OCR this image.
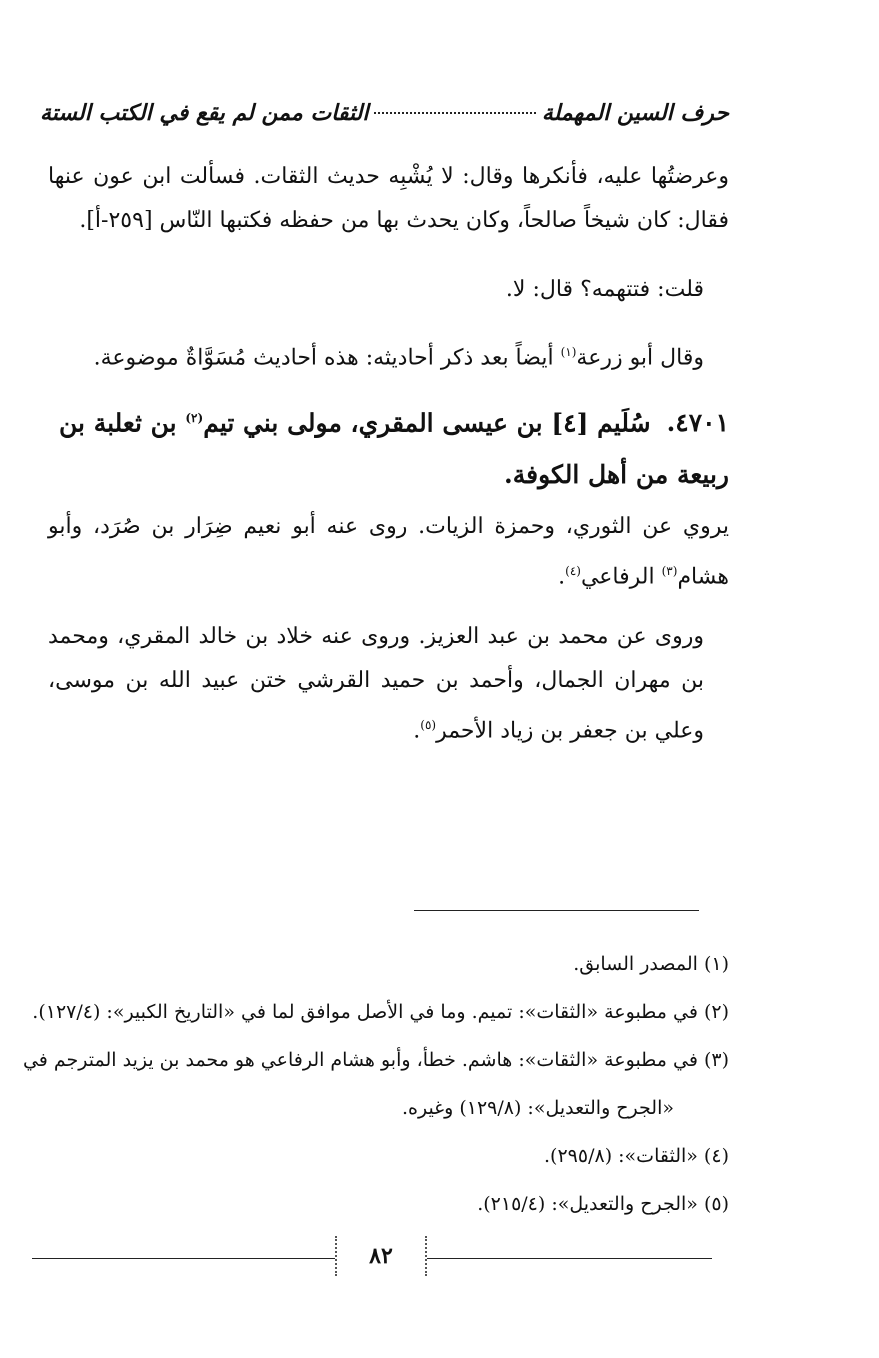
حرف السين المهملة
الثقات ممن لم يقع في الكتب الستة

وعرضتُها عليه، فأنكرها وقال: لا يُشْبِه حديث الثقات. فسألت ابن عون عنها فقال: كان شيخاً صالحاً، وكان يحدث بها من حفظه فكتبها النّاس [٢٥٩-أ].

قلت: فتتهمه؟ قال: لا.

وقال أبو زرعة$^{(١)}$ أيضاً بعد ذكر أحاديثه: هذه أحاديث مُسَوَّاةٌ موضوعة.

٤٧٠١.سُلَيم [٤] بن عيسى المقري، مولى بني تيم$^{(٢)}$ بن ثعلبة بن ربيعة من أهل الكوفة.

يروي عن الثوري، وحمزة الزيات. روى عنه أبو نعيم ضِرَار بن صُرَد، وأبو هشام$^{(٣)}$ الرفاعي$^{(٤)}$.

وروى عن محمد بن عبد العزيز. وروى عنه خلاد بن خالد المقري، ومحمد بن مهران الجمال، وأحمد بن حميد القرشي ختن عبيد الله بن موسى، وعلي بن جعفر بن زياد الأحمر$^{(٥)}$.

(١) المصدر السابق.

(٢) في مطبوعة «الثقات»: تميم. وما في الأصل موافق لما في «التاريخ الكبير»: (١٢٧/٤).

(٣) في مطبوعة «الثقات»: هاشم. خطأ، وأبو هشام الرفاعي هو محمد بن يزيد المترجم في

«الجرح والتعديل»: (١٢٩/٨) وغيره.

(٤) «الثقات»: (٢٩٥/٨).

(٥) «الجرح والتعديل»: (٢١٥/٤).

٨٢
